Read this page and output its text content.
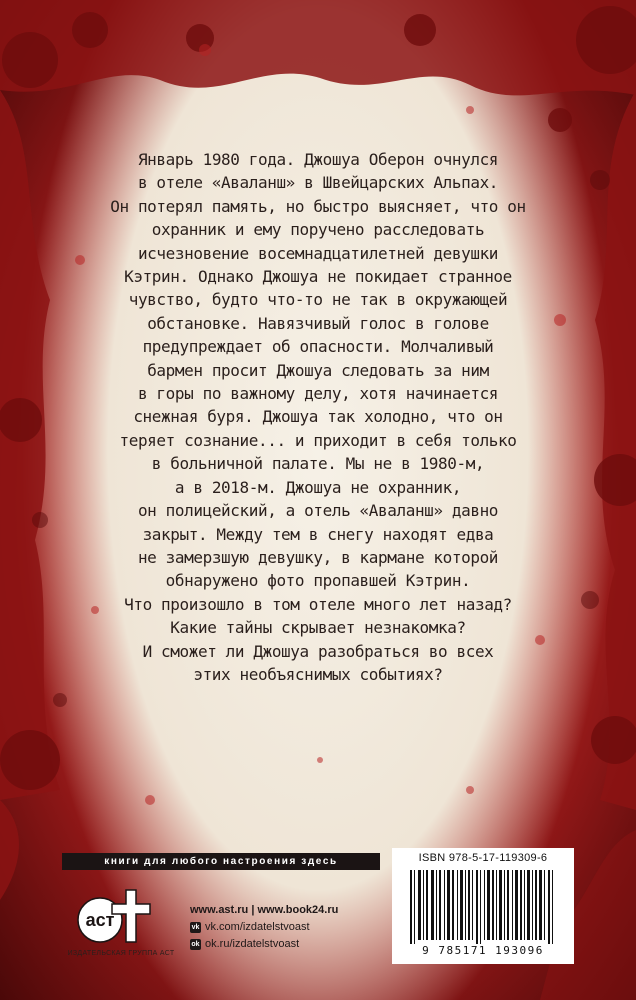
Январь 1980 года. Джошуа Оберон очнулся
в отеле «Аваланш» в Швейцарских Альпах.
Он потерял память, но быстро выясняет, что он
охранник и ему поручено расследовать
исчезновение восемнадцатилетней девушки
Кэтрин. Однако Джошуа не покидает странное
чувство, будто что-то не так в окружающей
обстановке. Навязчивый голос в голове
предупреждает об опасности. Молчаливый
бармен просит Джошуа следовать за ним
в горы по важному делу, хотя начинается
снежная буря. Джошуа так холодно, что он
теряет сознание... и приходит в себя только
в больничной палате. Мы не в 1980-м,
а в 2018-м. Джошуа не охранник,
он полицейский, а отель «Аваланш» давно
закрыт. Между тем в снегу находят едва
не замерзшую девушку, в кармане которой
обнаружено фото пропавшей Кэтрин.
Что произошло в том отеле много лет назад?
Какие тайны скрывает незнакомка?
И сможет ли Джошуа разобраться во всех
этих необъяснимых событиях?

книги для любого настроения здесь
аст
ИЗДАТЕЛЬСКАЯ ГРУППА АСТ
www.ast.ru | www.book24.ru
vk vk.com/izdatelstvoast
ok ok.ru/izdatelstvoast
ISBN 978-5-17-119309-6
9 785171 193096
